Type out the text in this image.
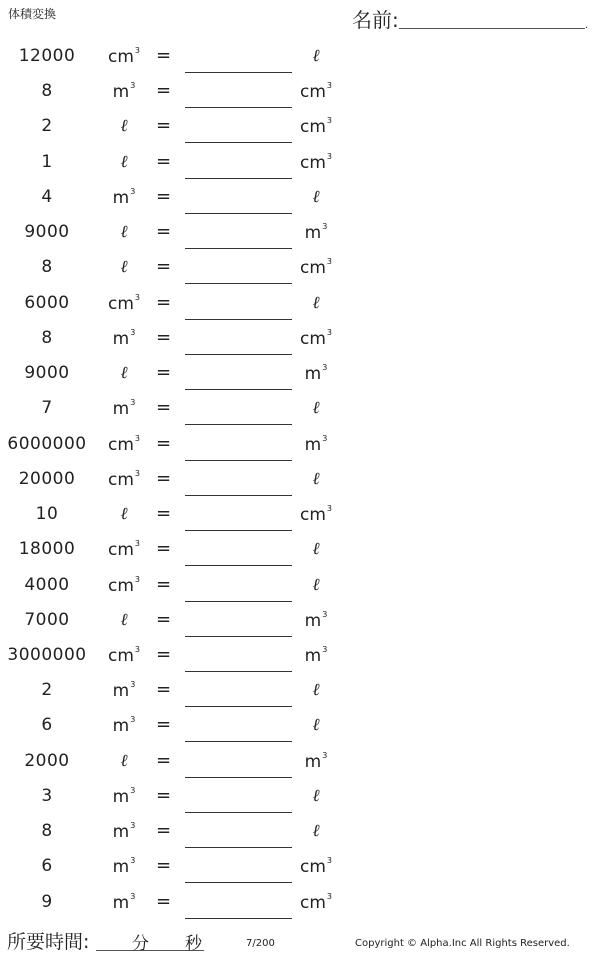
体積変換	名前:	.
12000	$cm^3$ =	ℓ
8	$m^3$	=	$cm^3$
2	ℓ	=	$cm^3$
1	ℓ	=	$cm^3$
4	$m^3$	=	ℓ
9000	ℓ	=	$m^3$
8	ℓ	=	$cm^3$
6000	$cm^3$ =	ℓ
8	$m^3$	=	$cm^3$
9000	ℓ	=	$m^3$
7	$m^3$	=	ℓ
6000000	$cm^3$ =	$m^3$
20000	$cm^3$ =	ℓ
10	ℓ	=	$cm^3$
18000	$cm^3$ =	ℓ
4000	$cm^3$ =	ℓ
7000	ℓ	=	$m^3$
3000000	$cm^3$ =	$m^3$
2	$m^3$	=	ℓ
6	$m^3$	=	ℓ
2000	ℓ	=	$m^3$
3	$m^3$	=	ℓ
8	$m^3$	=	ℓ
6	$m^3$	=	$cm^3$
9	$m^3$	=	$cm^3$
所要時間:	分 秒	7/200	Copyright © Alpha.Inc All Rights Reserved.
